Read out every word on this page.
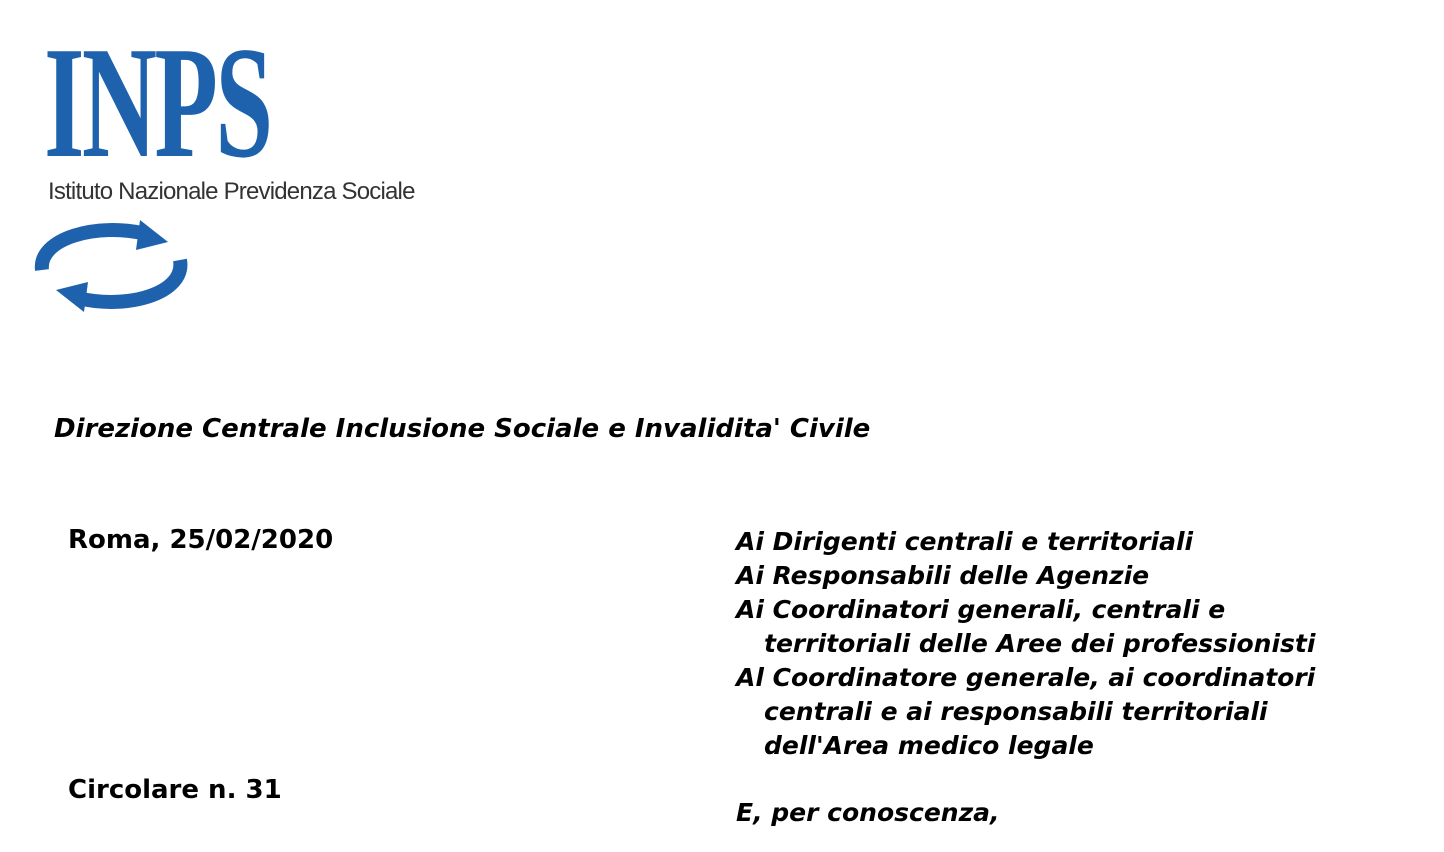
INPS

Istituto Nazionale Previdenza Sociale

Direzione Centrale Inclusione Sociale e Invalidita' Civile

Roma, 25/02/2020	Ai Dirigenti centrali e territoriali
Ai Responsabili delle Agenzie
Ai Coordinatori generali, centrali e territoriali delle Aree dei professionisti
Al Coordinatore generale, ai coordinatori centrali e ai responsabili territoriali dell'Area medico legale

Circolare n. 31

E, per conoscenza,
